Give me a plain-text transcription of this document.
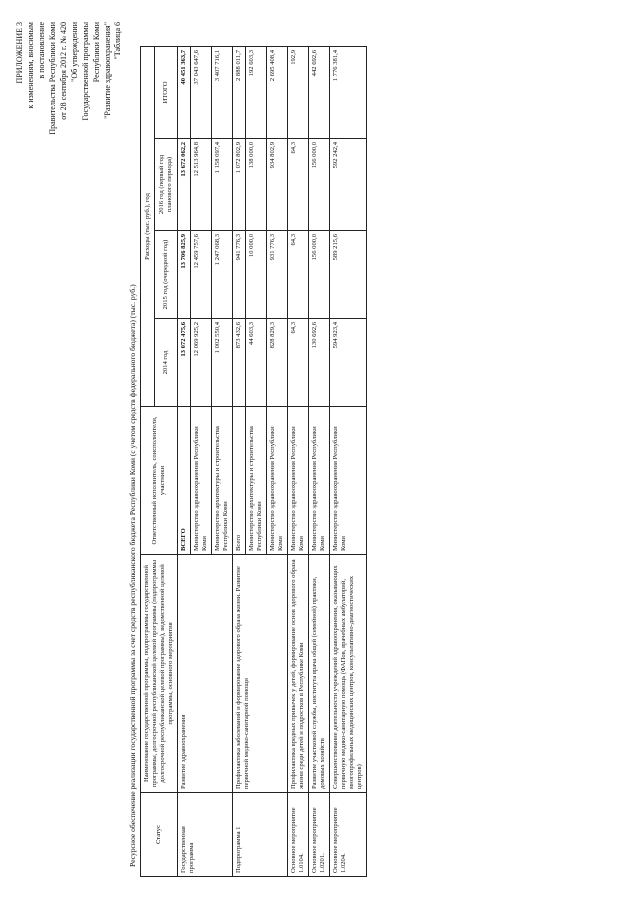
ПРИЛОЖЕНИЕ 3 к изменениям, вносимым в постановление Правительства Республики Коми от 28 сентября 2012 г. № 420 "Об утверждении Государственной программы Республики Коми "Развитие здравоохранения" "Таблица 6
Ресурсное обеспечение реализации государственной программы за счет средств республиканского бюджета Республики Коми (с учетом средств федерального бюджета) (тыс. руб.)	Статус	Наименование государственной программы, подпрограммы государственной программы, долгосрочной республиканской целевой программы (подпрограммы долгосрочной республиканской целевой программы), ведомственной целевой программы, основного мероприятия	Ответственный исполнитель, соисполнители, участники	Расходы (тыс. руб.), год			
			2014 год	2015 год (очередной год)	2016 год (первый год планового периода)	ИТОГО
Государственная программа	Развитие здравоохранения	ВСЕГО	13 072 475,6	13 706 825,9	13 672 062,2	40 451 363,7
		Министерство здравоохранения Республики Коми	12 069 925,2	12 459 757,6	12 513 964,8	37 043 647,6
		Министерство архитектуры и строительства Республики Коми	1 002 550,4	1 247 068,3	1 158 097,4	3 407 716,1
Подпрограмма 1	Профилактика заболеваний и формирование здорового образа жизни. Развитие первичной медико-санитарной помощи	Всего	873 432,6	941 776,3	1 072 802,9	2 888 011,7
		Министерство архитектуры и строительства Республики Коми	44 603,3	10 000,0	138 000,0	192 603,3
		Министерство здравоохранения Республики Коми	828 829,3	931 776,3	934 802,9	2 695 408,4
Основное мероприятие 1.0104.	Профилактика вредных привычек у детей, формирование основ здорового образа жизни среди детей и подростков в Республике Коми	Министерство здравоохранения Республики Коми	64,3	64,3	64,3	192,9
Основное мероприятие 1.0201.	Развитие участковой службы, института врача общей (семейной) практики, домовых хозяйств	Министерство здравоохранения Республики Коми	130 692,6	156 000,0	156 000,0	442 692,6
Основное мероприятие 1.0204.	Совершенствование деятельности учреждений здравоохранения, оказывающих первичную медико-санитарную помощь (ФАПов, врачебных амбулаторий, многопрофильных медицинских центров, консультативно-диагностических центров)	Министерство здравоохранения Республики Коми	594 923,4	589 215,6	592 242,4	1 776 381,4
